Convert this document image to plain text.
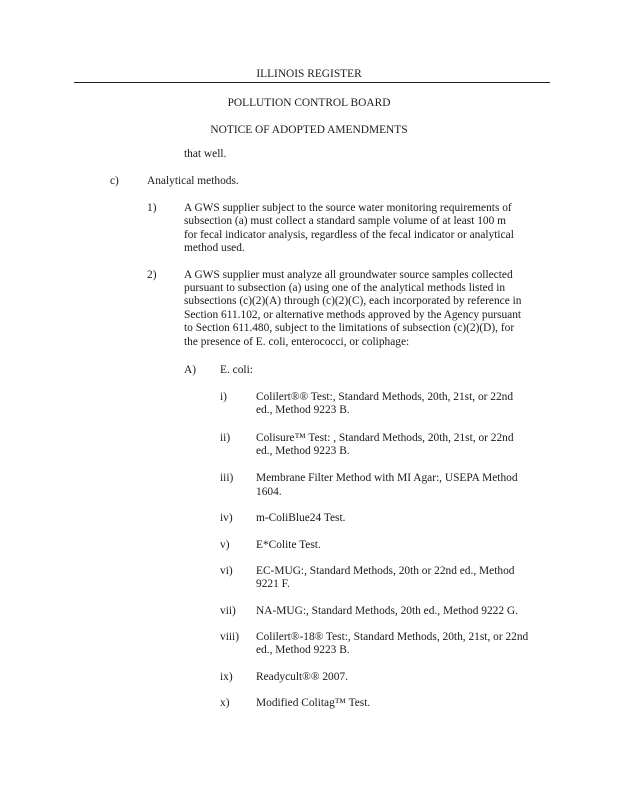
ILLINOIS REGISTER
POLLUTION CONTROL BOARD
NOTICE OF ADOPTED AMENDMENTS
that well.
c) Analytical methods.
1) A GWS supplier subject to the source water monitoring requirements of
subsection (a) must collect a standard sample volume of at least 100 m
for fecal indicator analysis, regardless of the fecal indicator or analytical
method used.
2) A GWS supplier must analyze all groundwater source samples collected
pursuant to subsection (a) using one of the analytical methods listed in
subsections (c)(2)(A) through (c)(2)(C), each incorporated by reference in
Section 611.102, or alternative methods approved by the Agency pursuant
to Section 611.480, subject to the limitations of subsection (c)(2)(D), for
the presence of E. coli, enterococci, or coliphage:
A) E. coli:
i)	Colilert®® Test:, Standard Methods, 20th, 21st, or 22nd
ed., Method 9223 B.
ii) Colisure™ Test: , Standard Methods, 20th, 21st, or 22nd
ed., Method 9223 B.
iii) Membrane Filter Method with MI Agar:, USEPA Method
1604.
iv) m-ColiBlue24 Test.
v) E*Colite Test.
vi) EC-MUG:, Standard Methods, 20th or 22nd ed., Method
9221 F.
vii) NA-MUG:, Standard Methods, 20th ed., Method 9222 G.
viii) Colilert®-18® Test:, Standard Methods, 20th, 21st, or 22nd
ed., Method 9223 B.
ix) Readycult®® 2007.
x) Modified Colitag™ Test.
